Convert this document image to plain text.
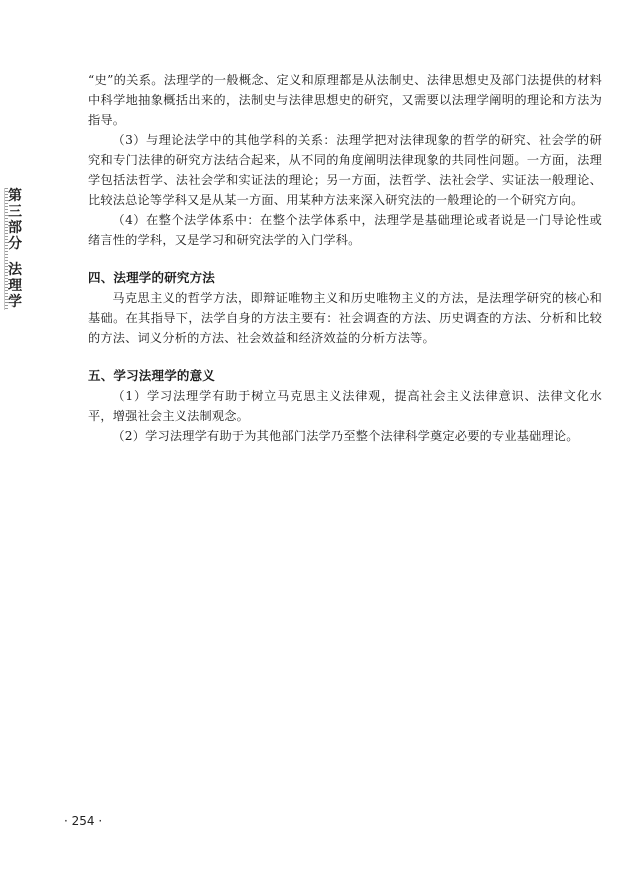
第三部分
法理学

“史”的关系。法理学的一般概念、定义和原理都是从法制史、法律思想史及部门法提供的材料中科学地抽象概括出来的，法制史与法律思想史的研究，又需要以法理学阐明的理论和方法为指导。

（3）与理论法学中的其他学科的关系：法理学把对法律现象的哲学的研究、社会学的研究和专门法律的研究方法结合起来，从不同的角度阐明法律现象的共同性问题。一方面，法理学包括法哲学、法社会学和实证法的理论；另一方面，法哲学、法社会学、实证法一般理论、比较法总论等学科又是从某一方面、用某种方法来深入研究法的一般理论的一个研究方向。

（4）在整个法学体系中：在整个法学体系中，法理学是基础理论或者说是一门导论性或绪言性的学科，又是学习和研究法学的入门学科。

四、法理学的研究方法

马克思主义的哲学方法，即辩证唯物主义和历史唯物主义的方法，是法理学研究的核心和基础。在其指导下，法学自身的方法主要有：社会调查的方法、历史调查的方法、分析和比较的方法、词义分析的方法、社会效益和经济效益的分析方法等。

五、学习法理学的意义

（1）学习法理学有助于树立马克思主义法律观，提高社会主义法律意识、法律文化水平，增强社会主义法制观念。

（2）学习法理学有助于为其他部门法学乃至整个法律科学奠定必要的专业基础理论。

· 254 ·
